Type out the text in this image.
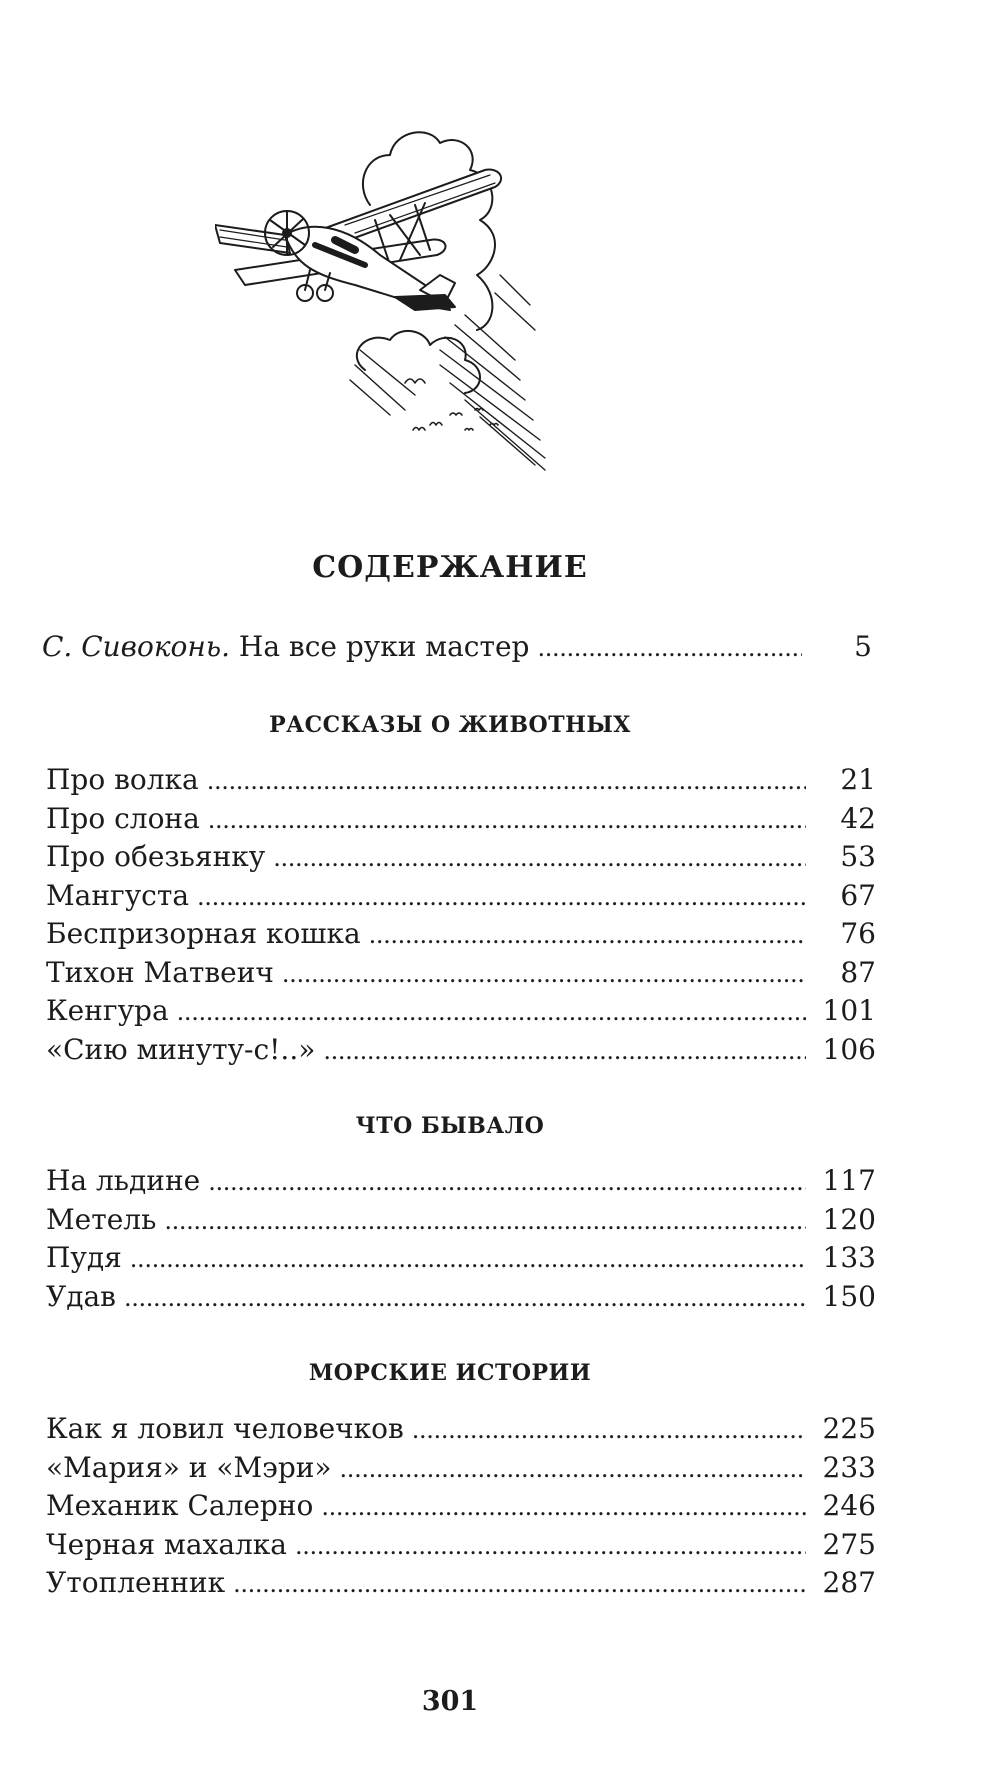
СОДЕРЖАНИЕ
С. Сивоконь. На все руки мастер . . .	5
РАССКАЗЫ О ЖИВОТНЫХ
Про волка . . .	21
Про слона . . .	42
Про обезьянку . . .	53
Мангуста . . .	67
Беспризорная кошка . . .	76
Тихон Матвеич . . .	87
Кенгура . . .	101
«Сию минуту-с!..» . . .	106
ЧТО БЫВАЛО
На льдине . . .	117
Метель . . .	120
Пудя . . .	133
Удав . . .	150
МОРСКИЕ ИСТОРИИ
Как я ловил человечков . . .	225
«Мария» и «Мэри» . . .	233
Механик Салерно . . .	246
Черная махалка . . .	275
Утопленник . . .	287
301
